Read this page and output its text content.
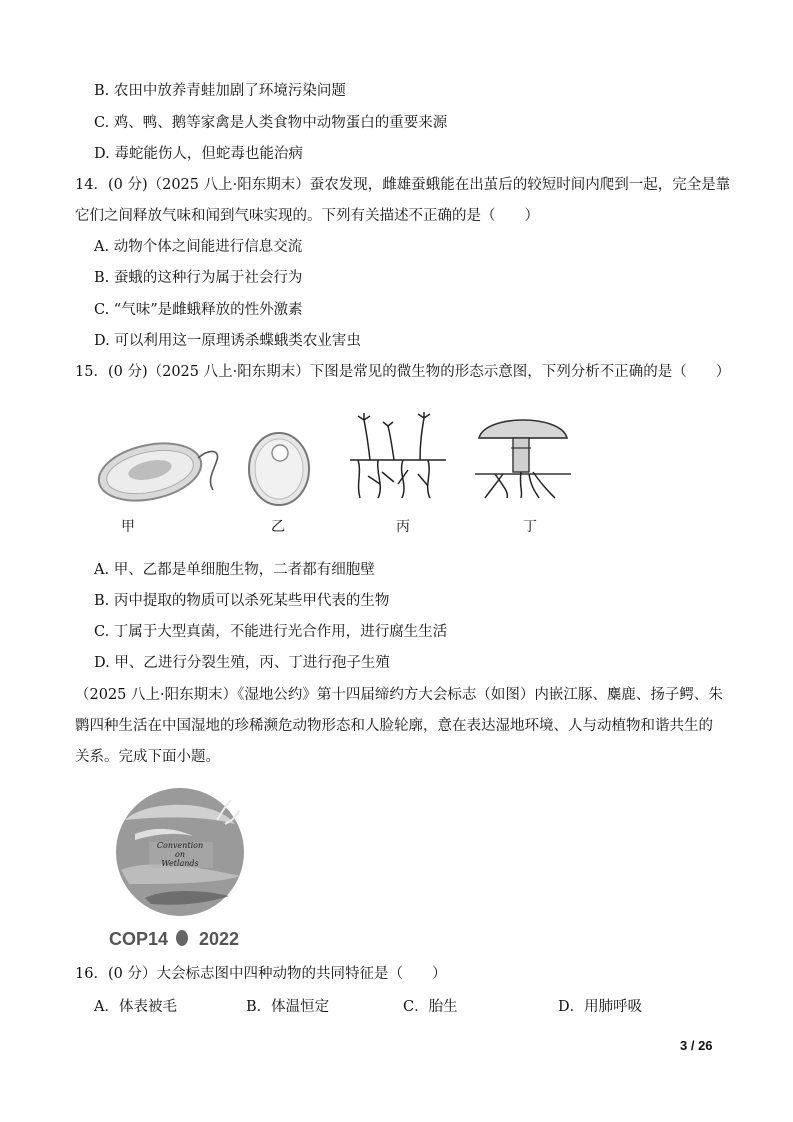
B. 农田中放养青蛙加剧了环境污染问题
C. 鸡、鸭、鹅等家禽是人类食物中动物蛋白的重要来源
D. 毒蛇能伤人，但蛇毒也能治病
14．(0 分)（2025 八上·阳东期末）蚕农发现，雌雄蚕蛾能在出茧后的较短时间内爬到一起，完全是靠
它们之间释放气味和闻到气味实现的。下列有关描述不正确的是（　　）
A. 动物个体之间能进行信息交流
B. 蚕蛾的这种行为属于社会行为
C. “气味”是雌蛾释放的性外激素
D. 可以利用这一原理诱杀蝶蛾类农业害虫
15．(0 分)（2025 八上·阳东期末）下图是常见的微生物的形态示意图，下列分析不正确的是（　　）
甲	乙	丙	丁
A. 甲、乙都是单细胞生物，二者都有细胞壁
B. 丙中提取的物质可以杀死某些甲代表的生物
C. 丁属于大型真菌，不能进行光合作用，进行腐生生活
D. 甲、乙进行分裂生殖，丙、丁进行孢子生殖
（2025 八上·阳东期末）《湿地公约》第十四届缔约方大会标志（如图）内嵌江豚、麋鹿、扬子鳄、朱
鹮四种生活在中国湿地的珍稀濒危动物形态和人脸轮廓，意在表达湿地环境、人与动植物和谐共生的
关系。完成下面小题。
Convention
on
Wetlands
COP14 2022
16．(0 分）大会标志图中四种动物的共同特征是（　　）
A．体表被毛	B．体温恒定	C．胎生	D．用肺呼吸
3 / 26
